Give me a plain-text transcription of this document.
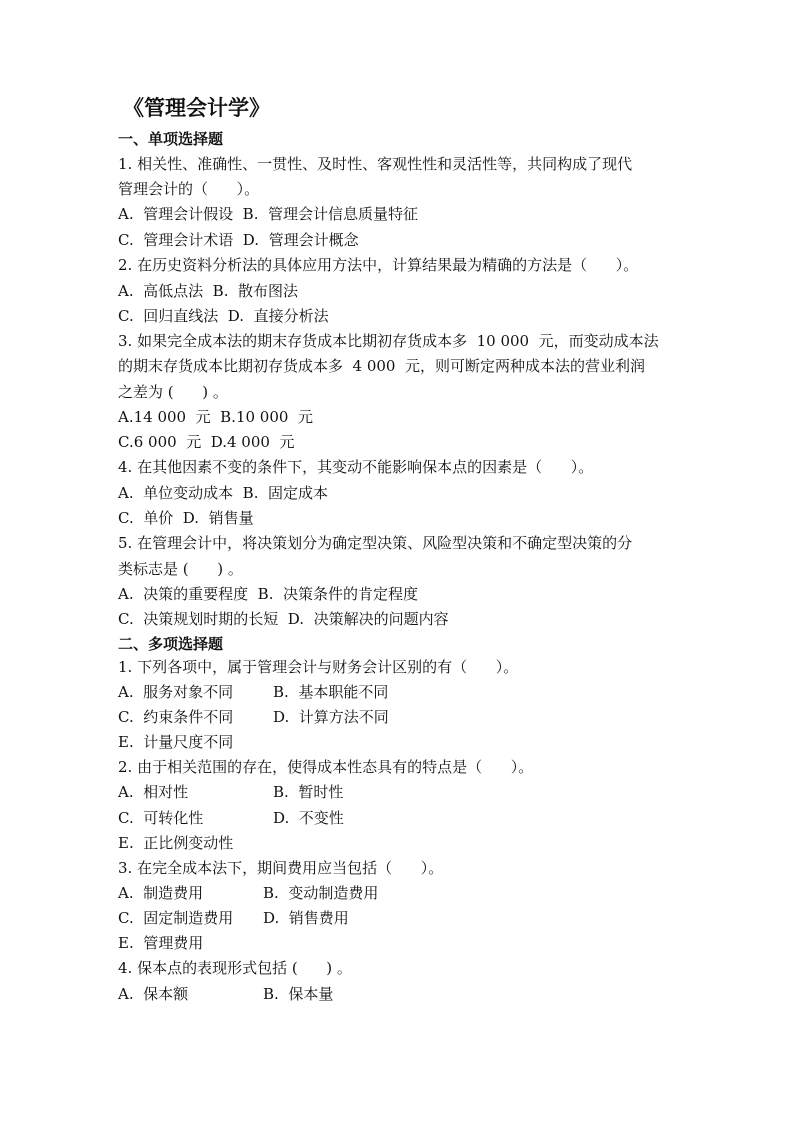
《管理会计学》
一、单项选择题
1. 相关性、准确性、一贯性、及时性、客观性性和灵活性等，共同构成了现代
管理会计的（      ）。
A.  管理会计假设  B.  管理会计信息质量特征
C.  管理会计术语  D.  管理会计概念
2. 在历史资料分析法的具体应用方法中，计算结果最为精确的方法是（      ）。
A.  高低点法  B.  散布图法
C.  回归直线法  D.  直接分析法
3. 如果完全成本法的期末存货成本比期初存货成本多  10 000  元，而变动成本法
的期末存货成本比期初存货成本多  4 000  元，则可断定两种成本法的营业利润
之差为 (      ) 。
A.14 000  元  B.10 000  元
C.6 000  元  D.4 000  元
4. 在其他因素不变的条件下，其变动不能影响保本点的因素是（      ）。
A.  单位变动成本  B.  固定成本
C.  单价  D.  销售量
5. 在管理会计中，将决策划分为确定型决策、风险型决策和不确定型决策的分
类标志是 (      ) 。
A.  决策的重要程度  B.  决策条件的肯定程度
C.  决策规划时期的长短  D.  决策解决的问题内容
二、多项选择题
1. 下列各项中，属于管理会计与财务会计区别的有（      ）。
A.  服务对象不同	B.  基本职能不同
C.  约束条件不同	D.  计算方法不同
E.  计量尺度不同
2. 由于相关范围的存在，使得成本性态具有的特点是（      ）。
A.  相对性	B.  暂时性
C.  可转化性	D.  不变性
E.  正比例变动性
3. 在完全成本法下，期间费用应当包括（      ）。
A.  制造费用	B.  变动制造费用
C.  固定制造费用 D.  销售费用
E.  管理费用
4. 保本点的表现形式包括 (      ) 。
A.  保本额	B.  保本量
